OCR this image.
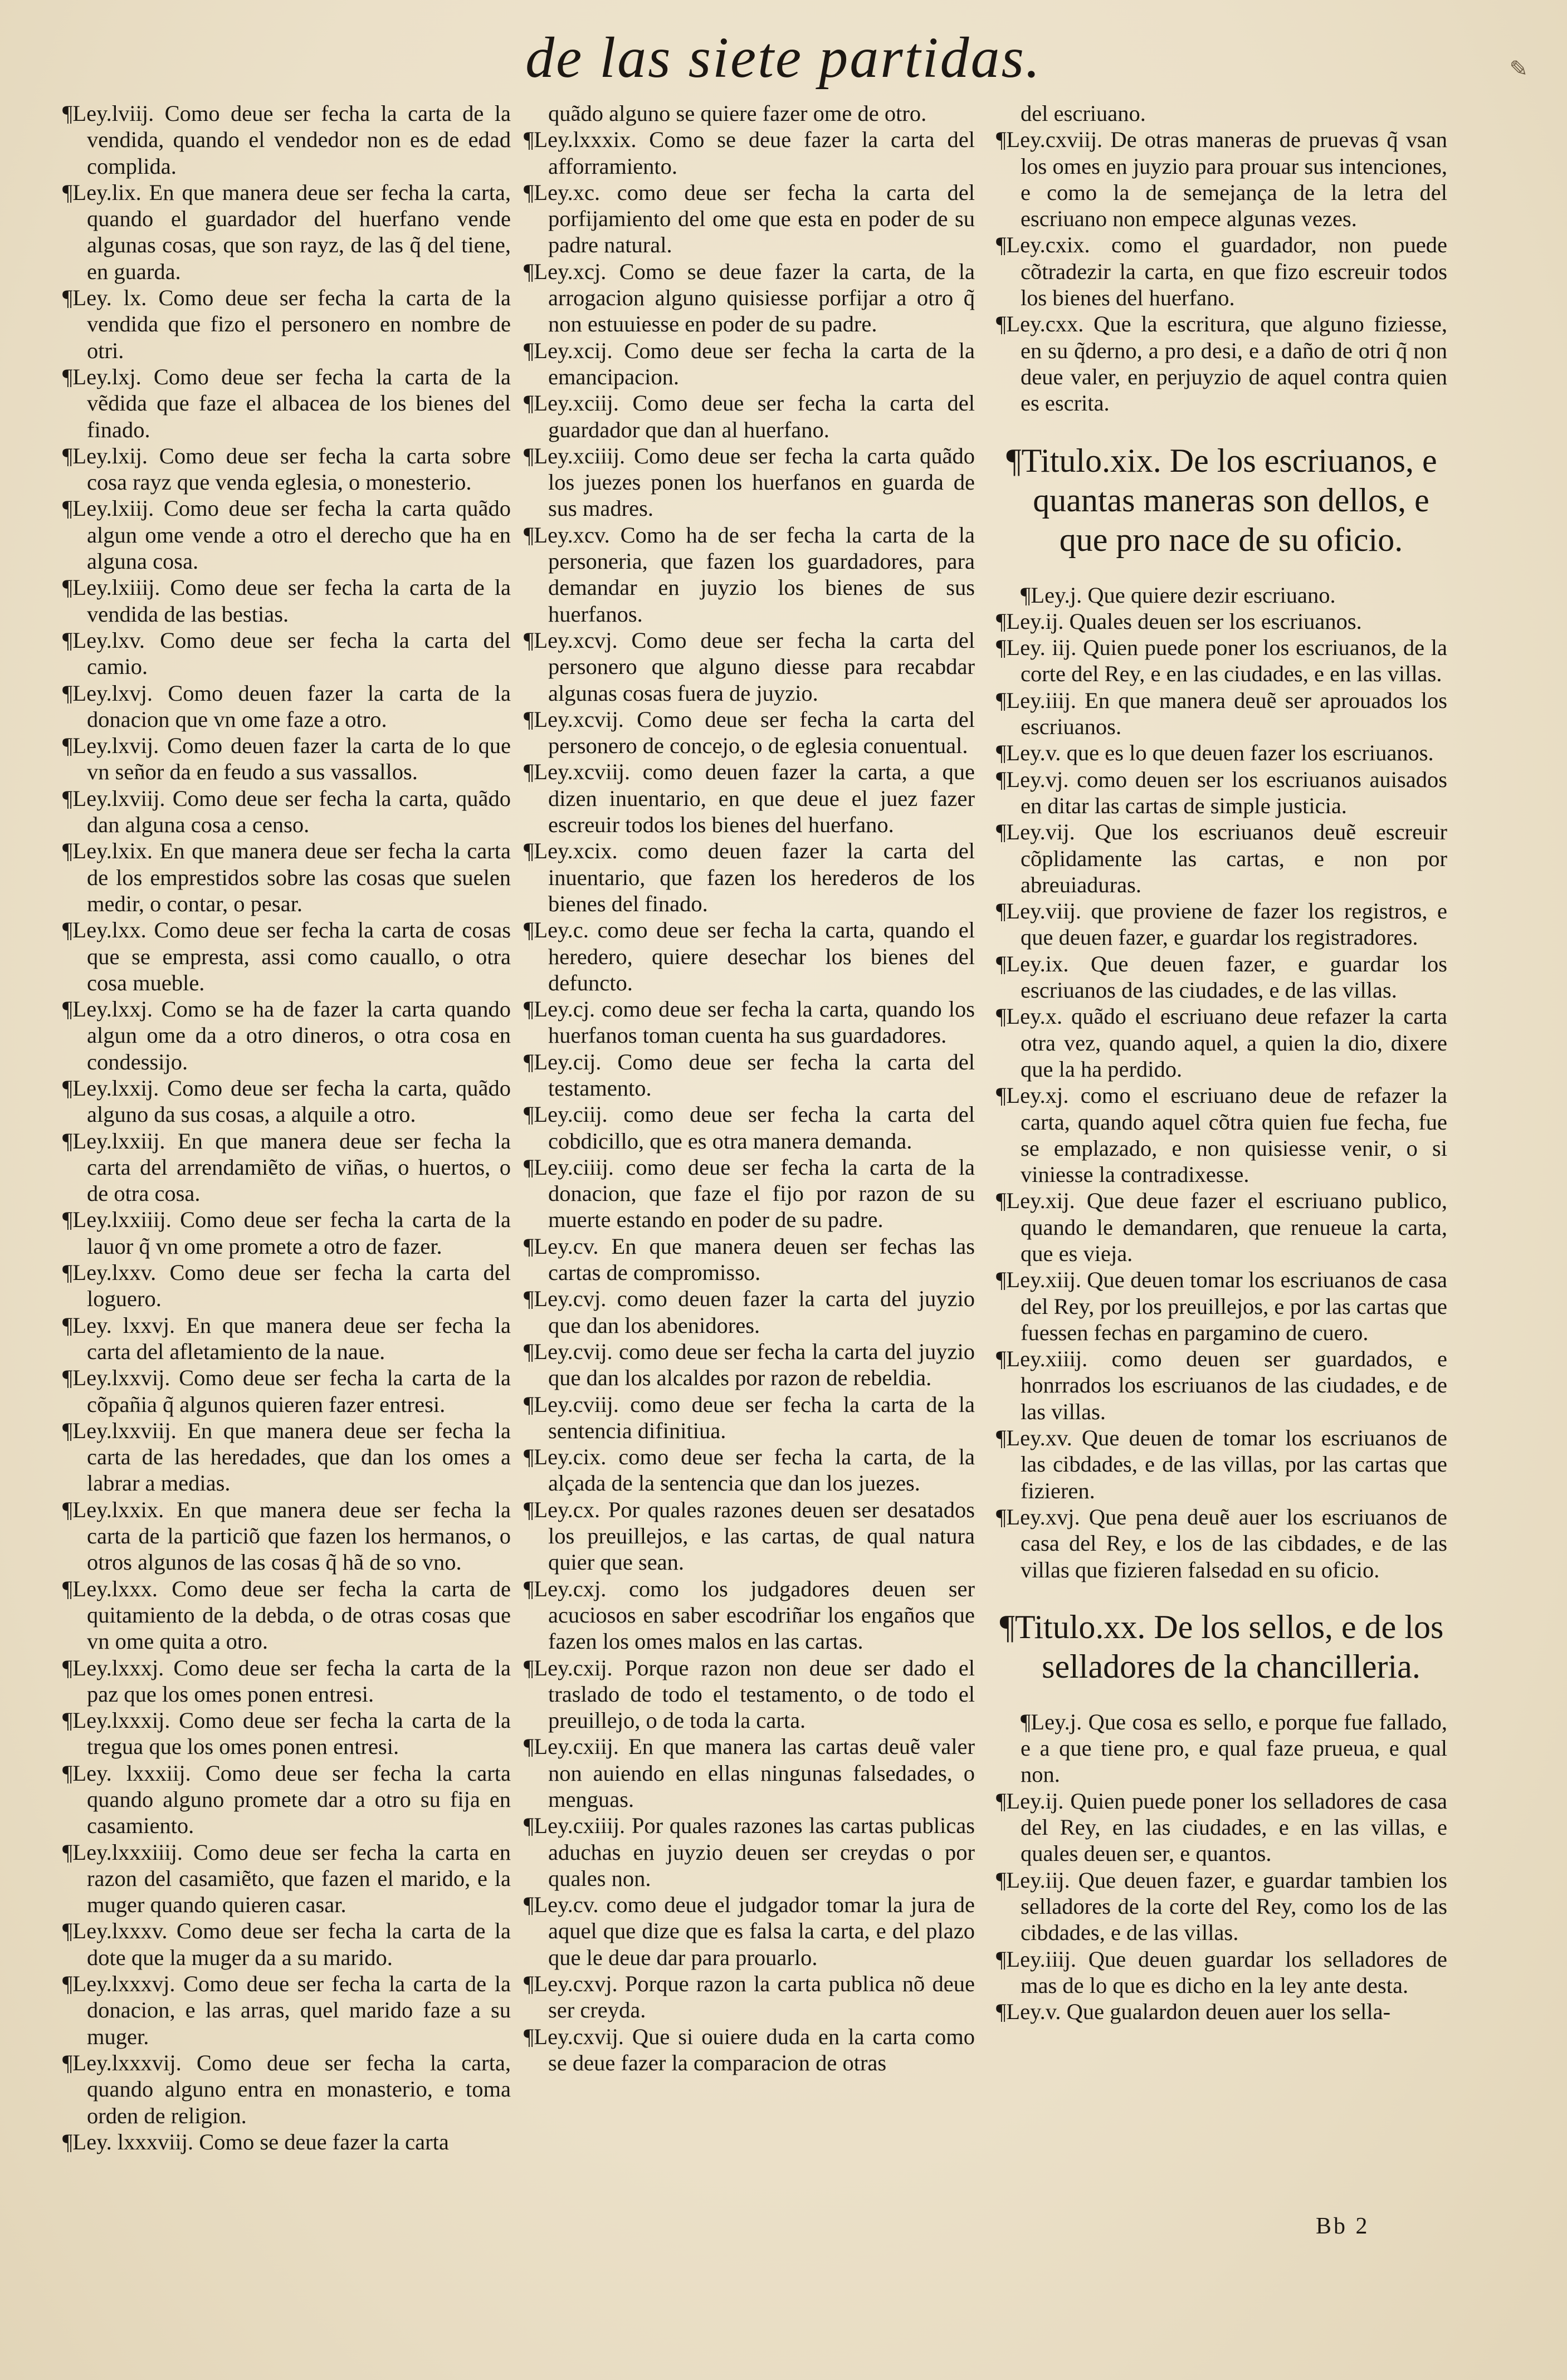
de las siete partidas.	✎

¶Ley.lviij. Como deue ser fecha la carta de la vendida, quando el vendedor non es de edad complida.

¶Ley.lix. En que manera deue ser fecha la carta, quando el guardador del huerfano vende algunas cosas, que son rayz, de las q̃ del tiene, en guarda.

¶Ley. lx. Como deue ser fecha la carta de la vendida que fizo el personero en nombre de otri.

¶Ley.lxj. Como deue ser fecha la carta de la vẽdida que faze el albacea de los bienes del finado.

¶Ley.lxij. Como deue ser fecha la carta sobre cosa rayz que venda eglesia, o monesterio.

¶Ley.lxiij. Como deue ser fecha la carta quãdo algun ome vende a otro el derecho que ha en alguna cosa.

¶Ley.lxiiij. Como deue ser fecha la carta de la vendida de las bestias.

¶Ley.lxv. Como deue ser fecha la carta del camio.

¶Ley.lxvj. Como deuen fazer la carta de la donacion que vn ome faze a otro.

¶Ley.lxvij. Como deuen fazer la carta de lo que vn señor da en feudo a sus vassallos.

¶Ley.lxviij. Como deue ser fecha la carta, quãdo dan alguna cosa a censo.

¶Ley.lxix. En que manera deue ser fecha la carta de los emprestidos sobre las cosas que suelen medir, o contar, o pesar.

¶Ley.lxx. Como deue ser fecha la carta de cosas que se empresta, assi como cauallo, o otra cosa mueble.

¶Ley.lxxj. Como se ha de fazer la carta quando algun ome da a otro dineros, o otra cosa en condessijo.

¶Ley.lxxij. Como deue ser fecha la carta, quãdo alguno da sus cosas, a alquile a otro.

¶Ley.lxxiij. En que manera deue ser fecha la carta del arrendamiẽto de viñas, o huertos, o de otra cosa.

¶Ley.lxxiiij. Como deue ser fecha la carta de la lauor q̃ vn ome promete a otro de fazer.

¶Ley.lxxv. Como deue ser fecha la carta del loguero.

¶Ley. lxxvj. En que manera deue ser fecha la carta del afletamiento de la naue.

¶Ley.lxxvij. Como deue ser fecha la carta de la cõpañia q̃ algunos quieren fazer entresi.

¶Ley.lxxviij. En que manera deue ser fecha la carta de las heredades, que dan los omes a labrar a medias.

¶Ley.lxxix. En que manera deue ser fecha la carta de la particiõ que fazen los hermanos, o otros algunos de las cosas q̃ hã de so vno.

¶Ley.lxxx. Como deue ser fecha la carta de quitamiento de la debda, o de otras cosas que vn ome quita a otro.

¶Ley.lxxxj. Como deue ser fecha la carta de la paz que los omes ponen entresi.

¶Ley.lxxxij. Como deue ser fecha la carta de la tregua que los omes ponen entresi.

¶Ley. lxxxiij. Como deue ser fecha la carta quando alguno promete dar a otro su fija en casamiento.

¶Ley.lxxxiiij. Como deue ser fecha la carta en razon del casamiẽto, que fazen el marido, e la muger quando quieren casar.

¶Ley.lxxxv. Como deue ser fecha la carta de la dote que la muger da a su marido.

¶Ley.lxxxvj. Como deue ser fecha la carta de la donacion, e las arras, quel marido faze a su muger.

¶Ley.lxxxvij. Como deue ser fecha la carta, quando alguno entra en monasterio, e toma orden de religion.

¶Ley. lxxxviij. Como se deue fazer la carta

quãdo alguno se quiere fazer ome de otro.

¶Ley.lxxxix. Como se deue fazer la carta del afforramiento.

¶Ley.xc. como deue ser fecha la carta del porfijamiento del ome que esta en poder de su padre natural.

¶Ley.xcj. Como se deue fazer la carta, de la arrogacion alguno quisiesse porfijar a otro q̃ non estuuiesse en poder de su padre.

¶Ley.xcij. Como deue ser fecha la carta de la emancipacion.

¶Ley.xciij. Como deue ser fecha la carta del guardador que dan al huerfano.

¶Ley.xciiij. Como deue ser fecha la carta quãdo los juezes ponen los huerfanos en guarda de sus madres.

¶Ley.xcv. Como ha de ser fecha la carta de la personeria, que fazen los guardadores, para demandar en juyzio los bienes de sus huerfanos.

¶Ley.xcvj. Como deue ser fecha la carta del personero que alguno diesse para recabdar algunas cosas fuera de juyzio.

¶Ley.xcvij. Como deue ser fecha la carta del personero de concejo, o de eglesia conuentual.

¶Ley.xcviij. como deuen fazer la carta, a que dizen inuentario, en que deue el juez fazer escreuir todos los bienes del huerfano.

¶Ley.xcix. como deuen fazer la carta del inuentario, que fazen los herederos de los bienes del finado.

¶Ley.c. como deue ser fecha la carta, quando el heredero, quiere desechar los bienes del defuncto.

¶Ley.cj. como deue ser fecha la carta, quando los huerfanos toman cuenta ha sus guardadores.

¶Ley.cij. Como deue ser fecha la carta del testamento.

¶Ley.ciij. como deue ser fecha la carta del cobdicillo, que es otra manera demanda.

¶Ley.ciiij. como deue ser fecha la carta de la donacion, que faze el fijo por razon de su muerte estando en poder de su padre.

¶Ley.cv. En que manera deuen ser fechas las cartas de compromisso.

¶Ley.cvj. como deuen fazer la carta del juyzio que dan los abenidores.

¶Ley.cvij. como deue ser fecha la carta del juyzio que dan los alcaldes por razon de rebeldia.

¶Ley.cviij. como deue ser fecha la carta de la sentencia difinitiua.

¶Ley.cix. como deue ser fecha la carta, de la alçada de la sentencia que dan los juezes.

¶Ley.cx. Por quales razones deuen ser desatados los preuillejos, e las cartas, de qual natura quier que sean.

¶Ley.cxj. como los judgadores deuen ser acuciosos en saber escodriñar los engaños que fazen los omes malos en las cartas.

¶Ley.cxij. Porque razon non deue ser dado el traslado de todo el testamento, o de todo el preuillejo, o de toda la carta.

¶Ley.cxiij. En que manera las cartas deuẽ valer non auiendo en ellas ningunas falsedades, o menguas.

¶Ley.cxiiij. Por quales razones las cartas publicas aduchas en juyzio deuen ser creydas o por quales non.

¶Ley.cv. como deue el judgador tomar la jura de aquel que dize que es falsa la carta, e del plazo que le deue dar para prouarlo.

¶Ley.cxvj. Porque razon la carta publica nõ deue ser creyda.

¶Ley.cxvij. Que si ouiere duda en la carta como se deue fazer la comparacion de otras

del escriuano.

¶Ley.cxviij. De otras maneras de pruevas q̃ vsan los omes en juyzio para prouar sus intenciones, e como la de semejança de la letra del escriuano non empece algunas vezes.

¶Ley.cxix. como el guardador, non puede cõtradezir la carta, en que fizo escreuir todos los bienes del huerfano.

¶Ley.cxx. Que la escritura, que alguno fiziesse, en su q̃derno, a pro desi, e a daño de otri q̃ non deue valer, en perjuyzio de aquel contra quien es escrita.

¶Titulo.xix. De los escriuanos, e quantas maneras son dellos, e que pro nace de su oficio.

¶Ley.j. Que quiere dezir escriuano.

¶Ley.ij. Quales deuen ser los escriuanos.

¶Ley. iij. Quien puede poner los escriuanos, de la corte del Rey, e en las ciudades, e en las villas.

¶Ley.iiij. En que manera deuẽ ser aprouados los escriuanos.

¶Ley.v. que es lo que deuen fazer los escriuanos.

¶Ley.vj. como deuen ser los escriuanos auisados en ditar las cartas de simple justicia.

¶Ley.vij. Que los escriuanos deuẽ escreuir cõplidamente las cartas, e non por abreuiaduras.

¶Ley.viij. que proviene de fazer los registros, e que deuen fazer, e guardar los registradores.

¶Ley.ix. Que deuen fazer, e guardar los escriuanos de las ciudades, e de las villas.

¶Ley.x. quãdo el escriuano deue refazer la carta otra vez, quando aquel, a quien la dio, dixere que la ha perdido.

¶Ley.xj. como el escriuano deue de refazer la carta, quando aquel cõtra quien fue fecha, fue se emplazado, e non quisiesse venir, o si viniesse la contradixesse.

¶Ley.xij. Que deue fazer el escriuano publico, quando le demandaren, que renueue la carta, que es vieja.

¶Ley.xiij. Que deuen tomar los escriuanos de casa del Rey, por los preuillejos, e por las cartas que fuessen fechas en pargamino de cuero.

¶Ley.xiiij. como deuen ser guardados, e honrrados los escriuanos de las ciudades, e de las villas.

¶Ley.xv. Que deuen de tomar los escriuanos de las cibdades, e de las villas, por las cartas que fizieren.

¶Ley.xvj. Que pena deuẽ auer los escriuanos de casa del Rey, e los de las cibdades, e de las villas que fizieren falsedad en su oficio.

¶Titulo.xx. De los sellos, e de los selladores de la chancilleria.

¶Ley.j. Que cosa es sello, e porque fue fallado, e a que tiene pro, e qual faze prueua, e qual non.

¶Ley.ij. Quien puede poner los selladores de casa del Rey, en las ciudades, e en las villas, e quales deuen ser, e quantos.

¶Ley.iij. Que deuen fazer, e guardar tambien los selladores de la corte del Rey, como los de las cibdades, e de las villas.

¶Ley.iiij. Que deuen guardar los selladores de mas de lo que es dicho en la ley ante desta.

¶Ley.v. Que gualardon deuen auer los sella-

Bb 2
